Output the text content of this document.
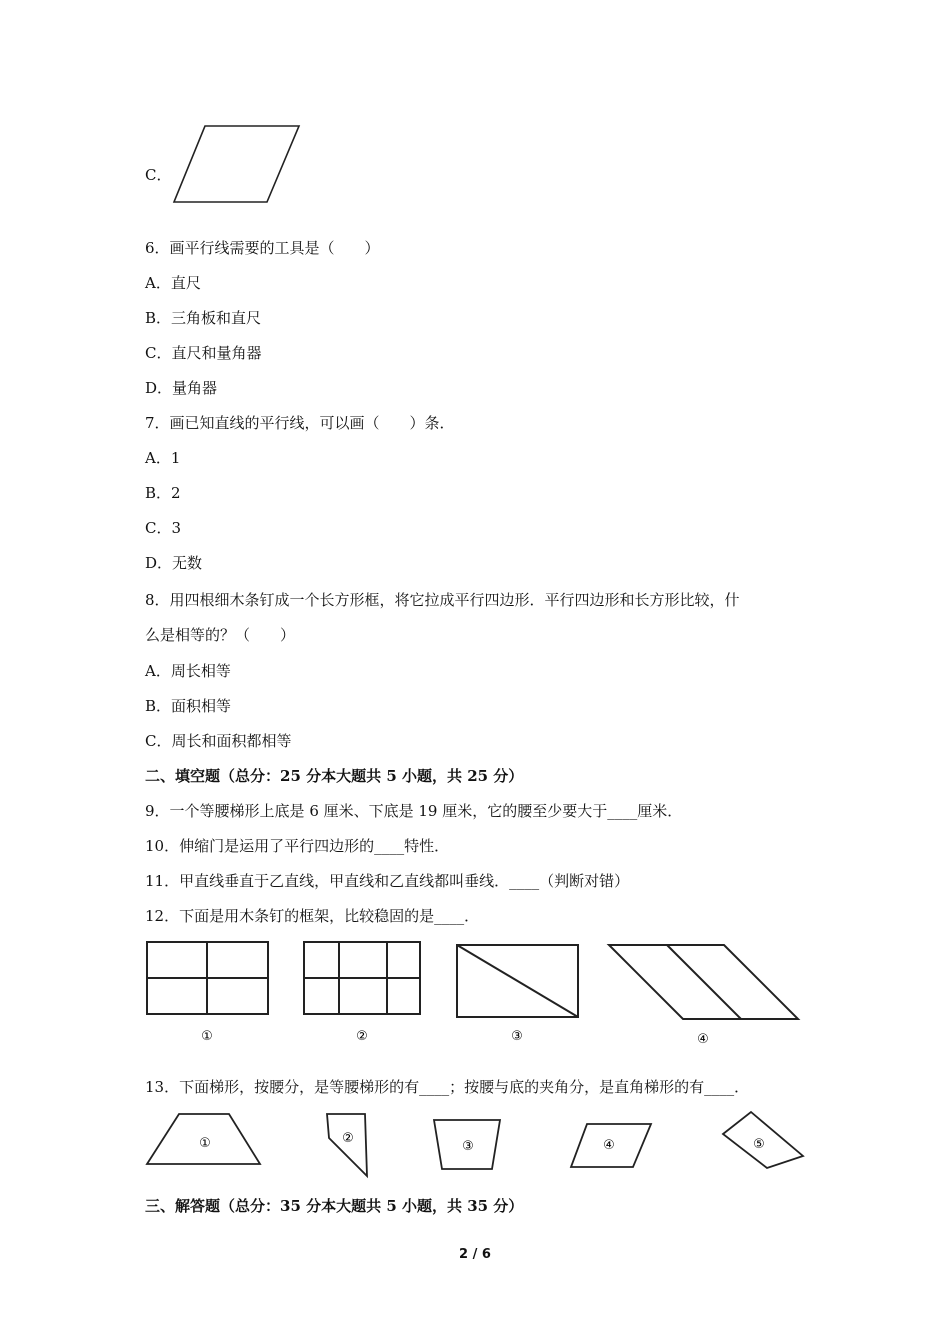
C．
6．画平行线需要的工具是（　　）
A．直尺
B．三角板和直尺
C．直尺和量角器
D．量角器
7．画已知直线的平行线，可以画（　　）条．
A．1
B．2
C．3
D．无数
8．用四根细木条钉成一个长方形框，将它拉成平行四边形．平行四边形和长方形比较，什
么是相等的？（　　）
A．周长相等
B．面积相等
C．周长和面积都相等
二、填空题（总分：25 分本大题共 5 小题，共 25 分）
9．一个等腰梯形上底是 6 厘米、下底是 19 厘米，它的腰至少要大于____厘米．
10．伸缩门是运用了平行四边形的____特性．
11．甲直线垂直于乙直线，甲直线和乙直线都叫垂线．____（判断对错）
12．下面是用木条钉的框架，比较稳固的是____．
①	②	③	④
13．下面梯形，按腰分，是等腰梯形的有____；按腰与底的夹角分，是直角梯形的有____．
①	②
③	④	⑤
三、解答题（总分：35 分本大题共 5 小题，共 35 分）
2 / 6
